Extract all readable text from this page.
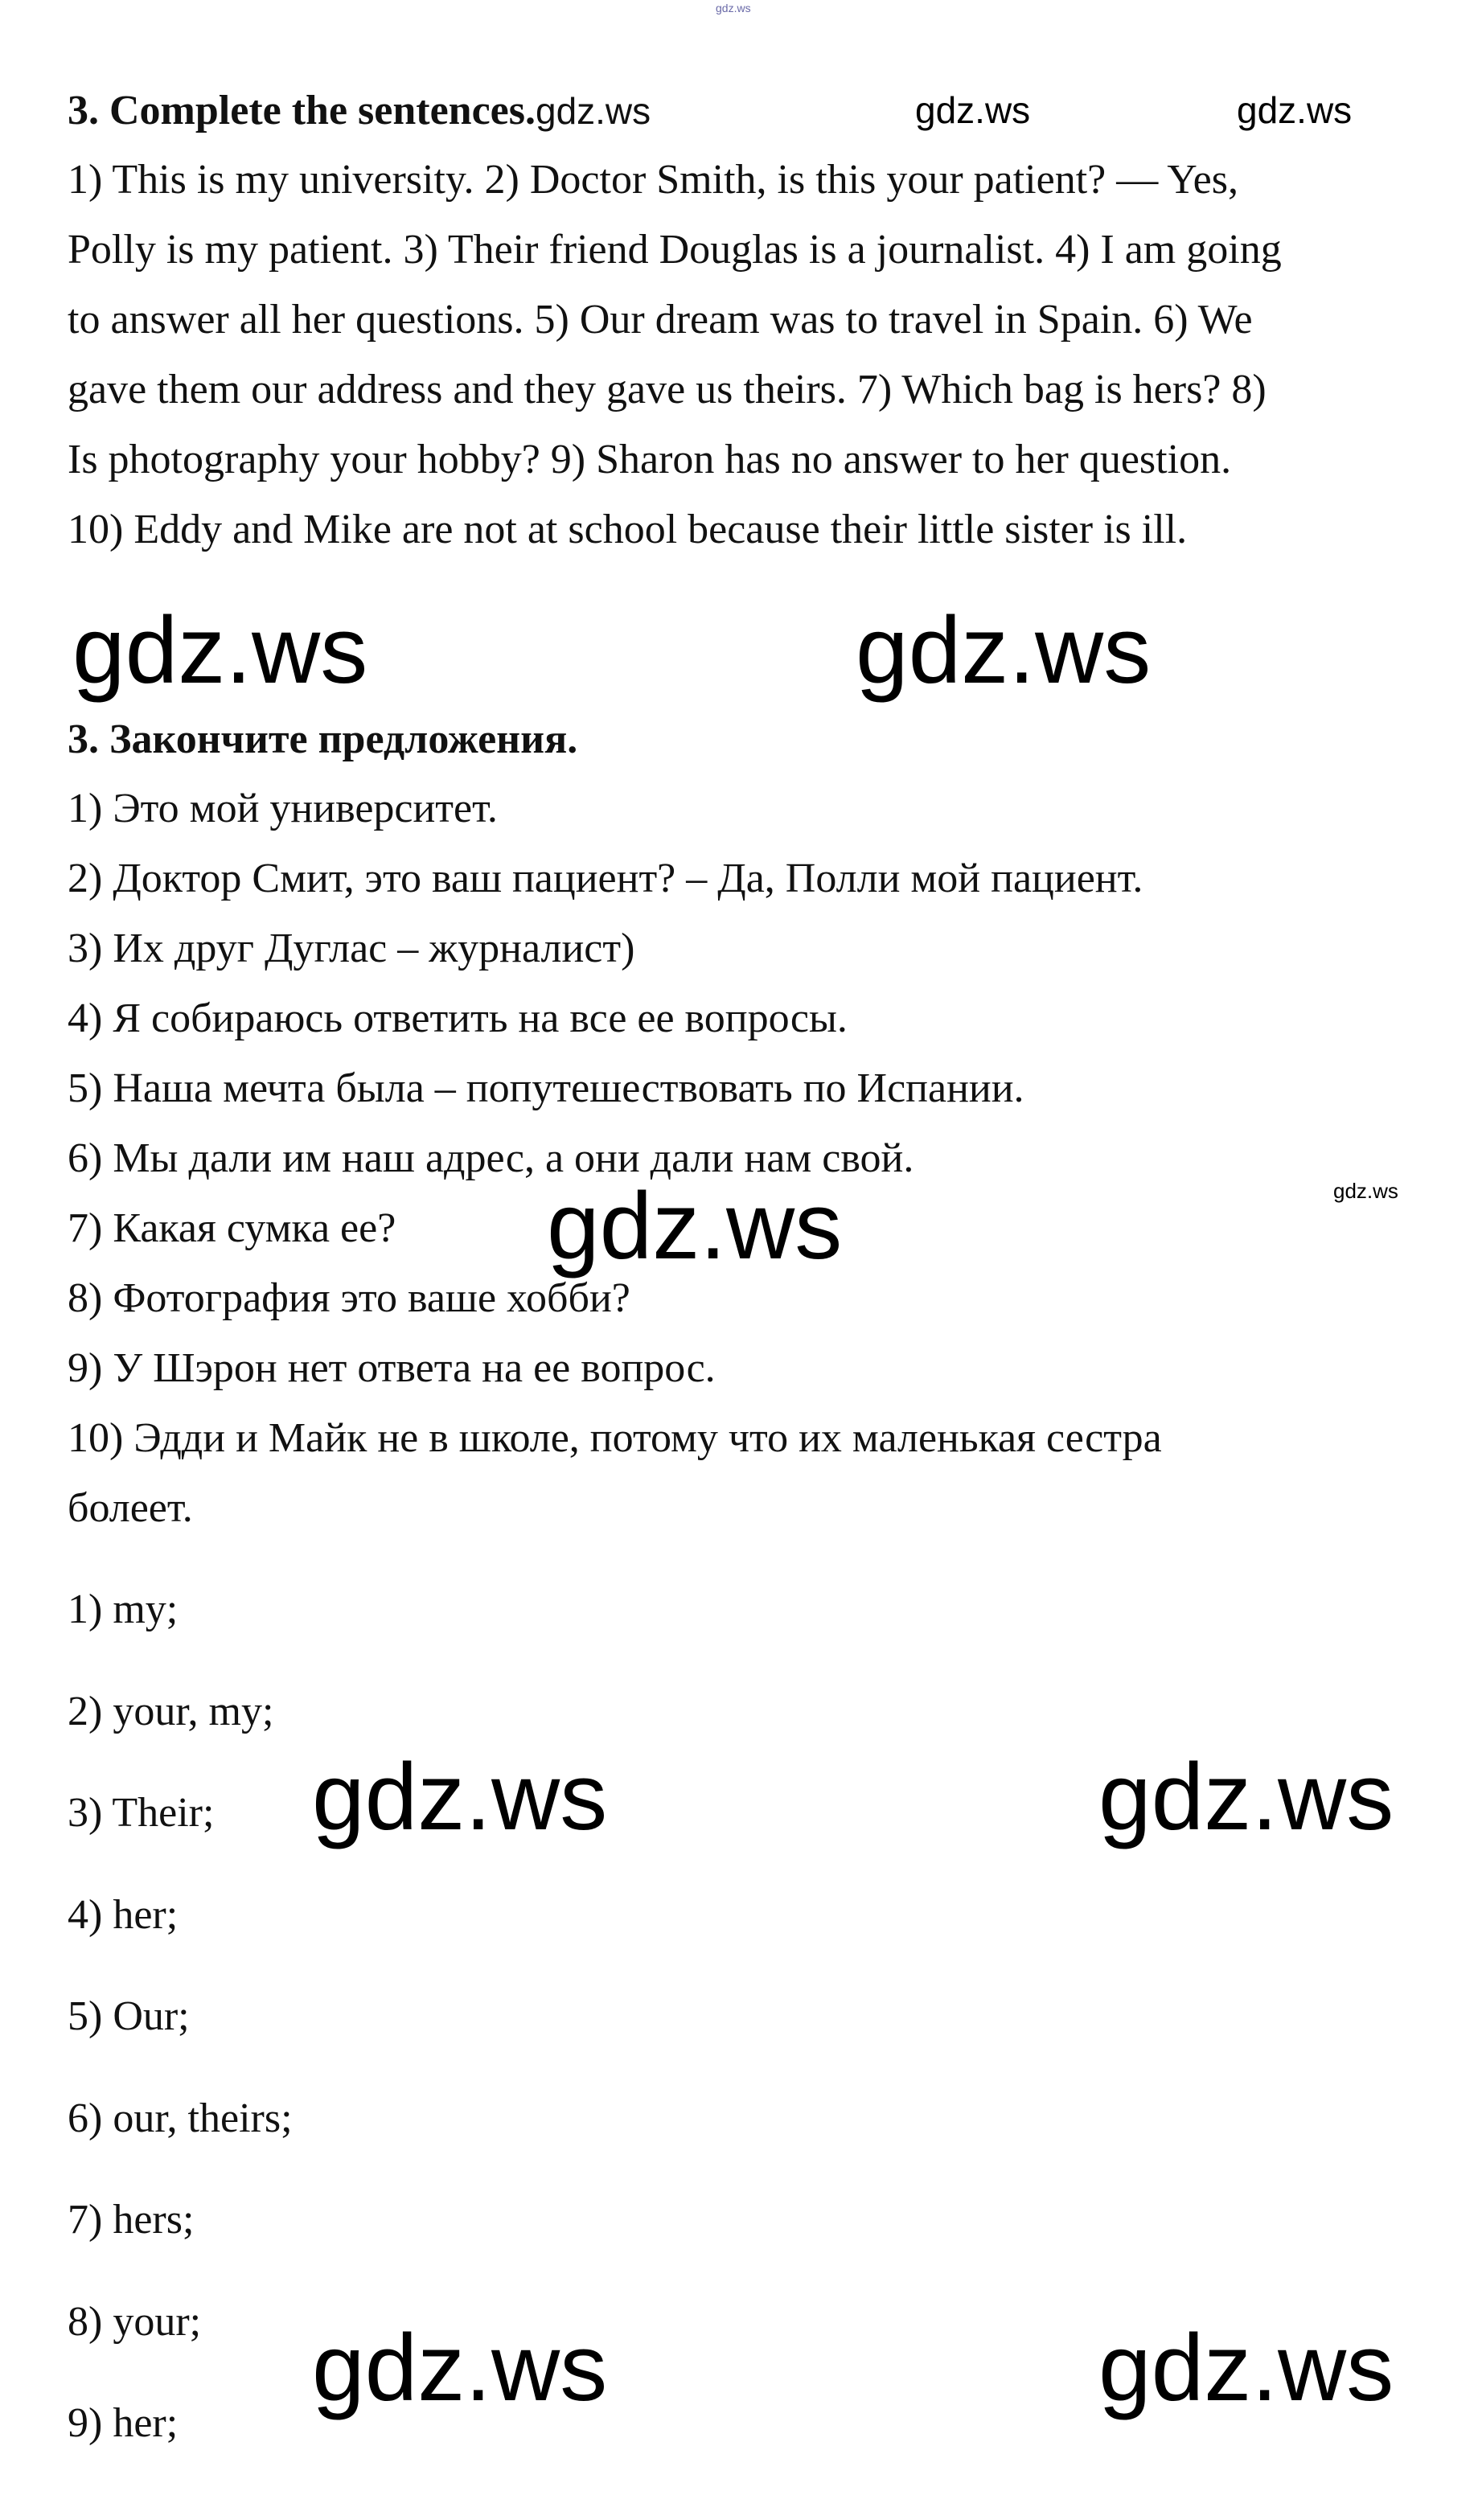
gdz.ws
3. Complete the sentences.gdz.ws	gdz.ws	gdz.ws
1) This is my university. 2) Doctor Smith, is this your patient? — Yes,
Polly is my patient. 3) Their friend Douglas is a journalist. 4) I am going
to answer all her questions. 5) Our dream was to travel in Spain. 6) We
gave them our address and they gave us theirs. 7) Which bag is hers? 8)
Is photography your hobby? 9) Sharon has no answer to her question.
10) Eddy and Mike are not at school because their little sister is ill.
gdz.ws	gdz.ws
3. Закончите предложения.
1) Это мой университет.
2) Доктор Смит, это ваш пациент? – Да, Полли мой пациент.
3) Их друг Дуглас – журналист)
4) Я собираюсь ответить на все ее вопросы.
5) Наша мечта была – попутешествовать по Испании.
6) Мы дали им наш адрес, а они дали нам свой.
7) Какая сумка ее?
8) Фотография это ваше хобби?
9) У Шэрон нет ответа на ее вопрос.
10) Эдди и Майк не в школе, потому что их маленькая сестра
болеет.
gdz.ws	gdz.ws
1) my;
2) your, my;
3) Their;
4) her;
5) Our;
6) our, theirs;
7) hers;
8) your;
9) her;
gdz.ws	gdz.ws
gdz.ws	gdz.ws
